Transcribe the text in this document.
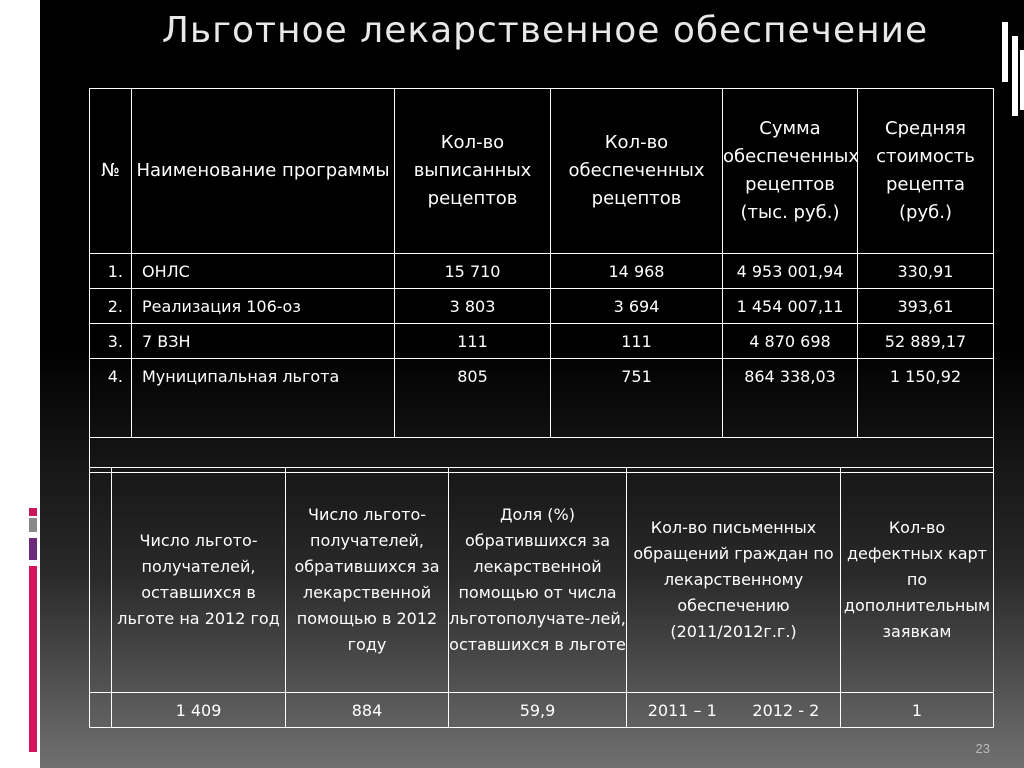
Льготное лекарственное обеспечение
№	Наименование программы	Кол-во выписанных рецептов	Кол-во обеспеченных рецептов	Сумма обеспеченных рецептов (тыс. руб.)	Средняя стоимость рецепта (руб.)
1.	ОНЛС	15 710	14 968	4 953 001,94	330,91
2.	Реализация 106-оз	3 803	3 694	1 454 007,11	393,61
3.	7 ВЗН	111	111	4 870 698	52 889,17
4.	Муниципальная льгота	805	751	864 338,03	1 150,92

	Число льгото-получателей, оставшихся в льготе на 2012 год	Число льгото-получателей, обратившихся за лекарственной помощью в 2012 году	Доля (%) обратившихся за лекарственной помощью от числа льготополучате-лей, оставшихся в льготе	Кол-во письменных обращений граждан по лекарственному обеспечению (2011/2012г.г.)	Кол-во дефектных карт по дополнительным заявкам
	1 409	884	59,9	2011 – 1       2012 - 2	1
23
